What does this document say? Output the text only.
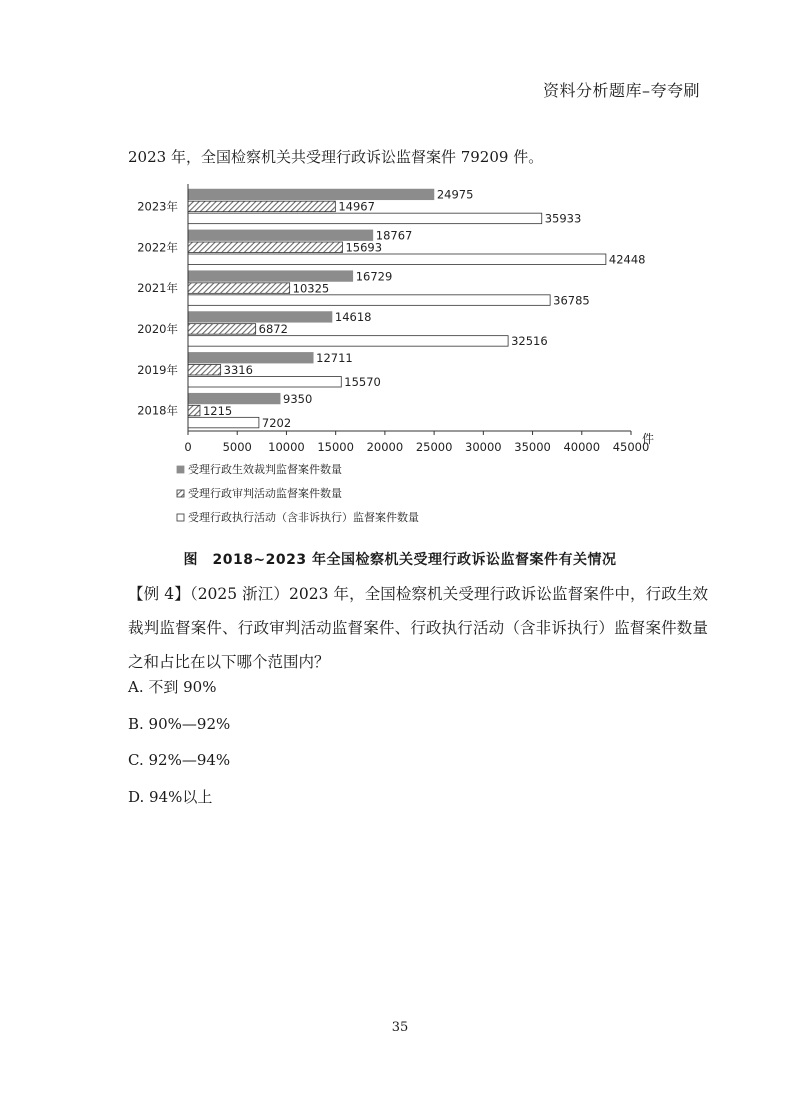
资料分析题库–夸夸刷
2023 年，全国检察机关共受理行政诉讼监督案件 79209 件。
2023年
24975
14967
35933
2022年
18767
15693
42448
2021年
16729
10325
36785
2020年
14618
6872
32516
2019年
12711
3316
15570
2018年
9350
1215
7202
0	5000 10000 15000 20000 25000 30000 35000 40000 45000
件
受理行政生效裁判监督案件数量
受理行政审判活动监督案件数量
受理行政执行活动（含非诉执行）监督案件数量
图　2018~2023 年全国检察机关受理行政诉讼监督案件有关情况
【例 4】（2025 浙江）2023 年，全国检察机关受理行政诉讼监督案件中，行政生效裁判监督案件、行政审判活动监督案件、行政执行活动（含非诉执行）监督案件数量之和占比在以下哪个范围内？
A. 不到 90%
B. 90%—92%
C. 92%—94%
D. 94%以上
35
